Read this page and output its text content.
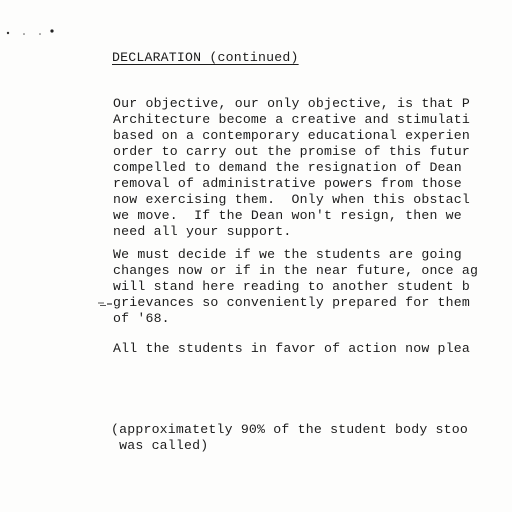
DECLARATION (continued)
Our objective, our only objective, is that P
Architecture become a creative and stimulati
based on a contemporary educational experien
order to carry out the promise of this futur
compelled to demand the resignation of Dean
removal of administrative powers from those
now exercising them.  Only when this obstacl
we move.  If the Dean won't resign, then we
need all your support.
We must decide if we the students are going
changes now or if in the near future, once ag
will stand here reading to another student b
grievances so conveniently prepared for them
of '68.
All the students in favor of action now plea
(approximatetly 90% of the student body stoo
was called)
